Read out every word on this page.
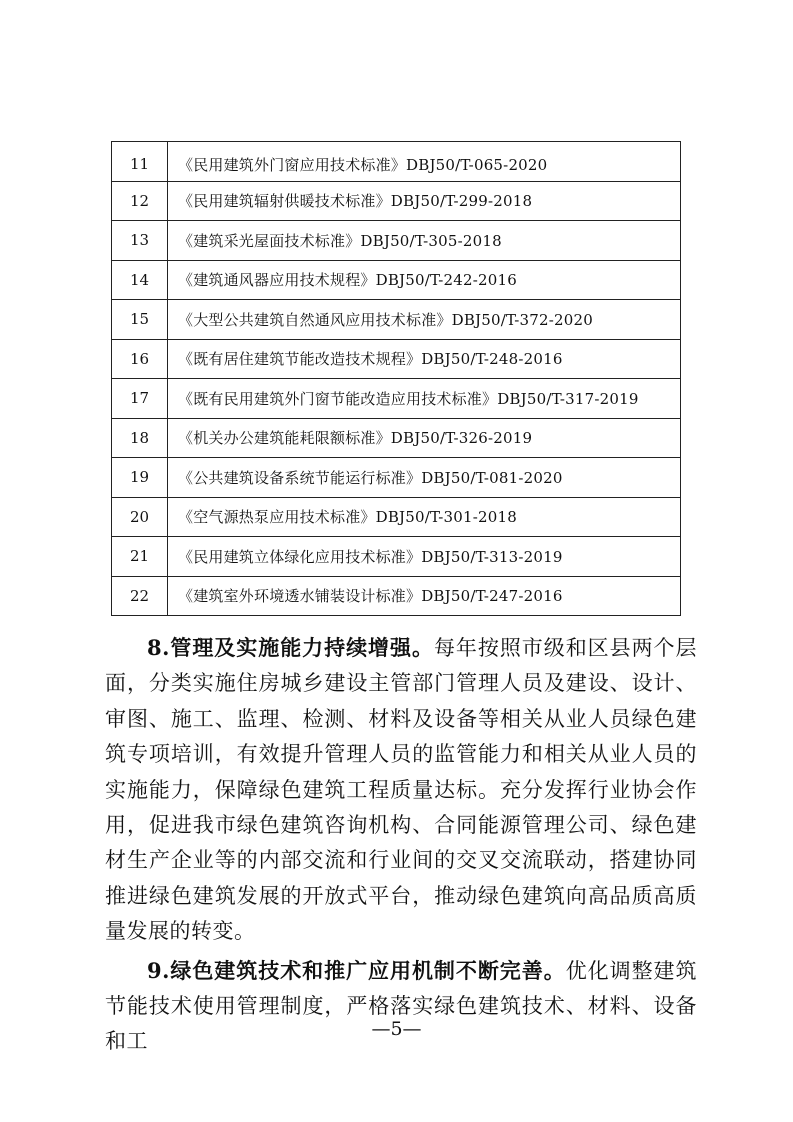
11	《民用建筑外门窗应用技术标准》DBJ50/T-065-2020
12	《民用建筑辐射供暖技术标准》DBJ50/T-299-2018
13	《建筑采光屋面技术标准》DBJ50/T-305-2018
14	《建筑通风器应用技术规程》DBJ50/T-242-2016
15	《大型公共建筑自然通风应用技术标准》DBJ50/T-372-2020
16	《既有居住建筑节能改造技术规程》DBJ50/T-248-2016
17	《既有民用建筑外门窗节能改造应用技术标准》DBJ50/T-317-2019
18	《机关办公建筑能耗限额标准》DBJ50/T-326-2019
19	《公共建筑设备系统节能运行标准》DBJ50/T-081-2020
20	《空气源热泵应用技术标准》DBJ50/T-301-2018
21	《民用建筑立体绿化应用技术标准》DBJ50/T-313-2019
22	《建筑室外环境透水铺装设计标准》DBJ50/T-247-2016

8.管理及实施能力持续增强。每年按照市级和区县两个层面，分类实施住房城乡建设主管部门管理人员及建设、设计、审图、施工、监理、检测、材料及设备等相关从业人员绿色建筑专项培训，有效提升管理人员的监管能力和相关从业人员的实施能力，保障绿色建筑工程质量达标。充分发挥行业协会作用，促进我市绿色建筑咨询机构、合同能源管理公司、绿色建材生产企业等的内部交流和行业间的交叉交流联动，搭建协同推进绿色建筑发展的开放式平台，推动绿色建筑向高品质高质量发展的转变。

9.绿色建筑技术和推广应用机制不断完善。优化调整建筑节能技术使用管理制度，严格落实绿色建筑技术、材料、设备和工

—5—
